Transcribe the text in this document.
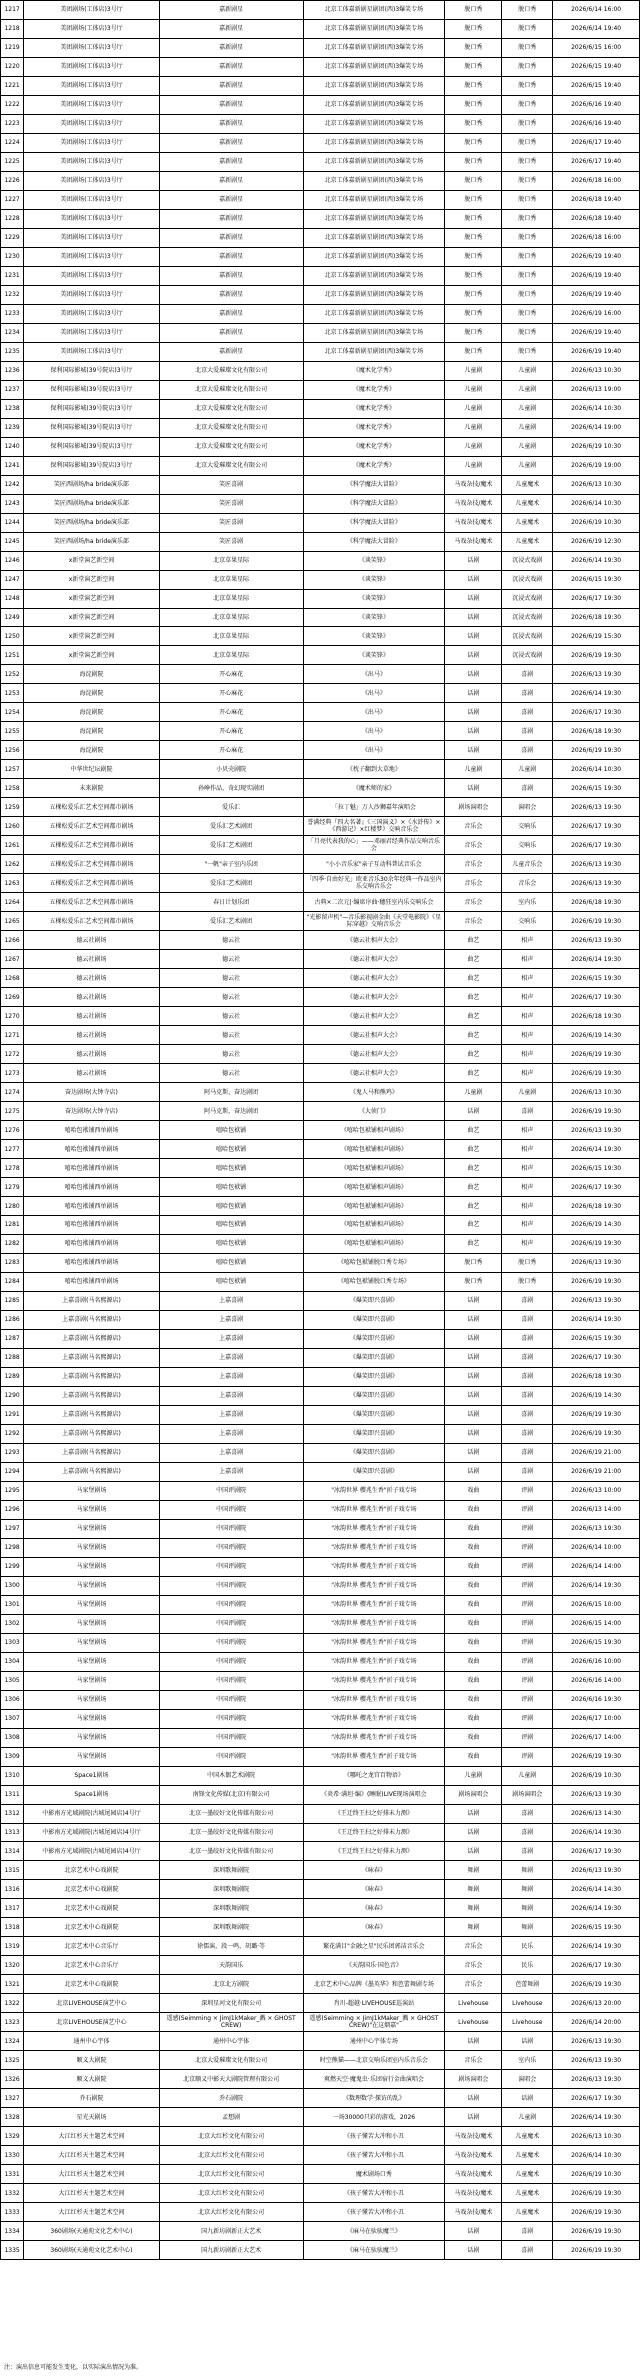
1217	美团剧场(工体店)3号厅	嘉新剧星	北京工体嘉新剧星剧团(西)3爆笑专场	脱口秀	脱口秀	2026/6/14 16:00
1218	美团剧场(工体店)3号厅	嘉新剧星	北京工体嘉新剧星剧团(西)3爆笑专场	脱口秀	脱口秀	2026/6/14 19:40
1219	美团剧场(工体店)3号厅	嘉新剧星	北京工体嘉新剧星剧团(西)3爆笑专场	脱口秀	脱口秀	2026/6/15 16:00
1220	美团剧场(工体店)3号厅	嘉新剧星	北京工体嘉新剧星剧团(西)3爆笑专场	脱口秀	脱口秀	2026/6/15 19:40
1221	美团剧场(工体店)3号厅	嘉新剧星	北京工体嘉新剧星剧团(西)3爆笑专场	脱口秀	脱口秀	2026/6/15 19:40
1222	美团剧场(工体店)3号厅	嘉新剧星	北京工体嘉新剧星剧团(西)3爆笑专场	脱口秀	脱口秀	2026/6/16 19:40
1223	美团剧场(工体店)3号厅	嘉新剧星	北京工体嘉新剧星剧团(西)3爆笑专场	脱口秀	脱口秀	2026/6/16 19:40
1224	美团剧场(工体店)3号厅	嘉新剧星	北京工体嘉新剧星剧团(西)3爆笑专场	脱口秀	脱口秀	2026/6/17 19:40
1225	美团剧场(工体店)3号厅	嘉新剧星	北京工体嘉新剧星剧团(西)3爆笑专场	脱口秀	脱口秀	2026/6/17 19:40
1226	美团剧场(工体店)3号厅	嘉新剧星	北京工体嘉新剧星剧团(西)3爆笑专场	脱口秀	脱口秀	2026/6/18 16:00
1227	美团剧场(工体店)3号厅	嘉新剧星	北京工体嘉新剧星剧团(西)3爆笑专场	脱口秀	脱口秀	2026/6/18 19:40
1228	美团剧场(工体店)3号厅	嘉新剧星	北京工体嘉新剧星剧团(西)3爆笑专场	脱口秀	脱口秀	2026/6/18 19:40
1229	美团剧场(工体店)3号厅	嘉新剧星	北京工体嘉新剧星剧团(西)3爆笑专场	脱口秀	脱口秀	2026/6/18 16:00
1230	美团剧场(工体店)3号厅	嘉新剧星	北京工体嘉新剧星剧团(西)3爆笑专场	脱口秀	脱口秀	2026/6/19 19:40
1231	美团剧场(工体店)3号厅	嘉新剧星	北京工体嘉新剧星剧团(西)3爆笑专场	脱口秀	脱口秀	2026/6/19 19:40
1232	美团剧场(工体店)3号厅	嘉新剧星	北京工体嘉新剧星剧团(西)3爆笑专场	脱口秀	脱口秀	2026/6/19 19:40
1233	美团剧场(工体店)3号厅	嘉新剧星	北京工体嘉新剧星剧团(西)3爆笑专场	脱口秀	脱口秀	2026/6/19 16:00
1234	美团剧场(工体店)3号厅	嘉新剧星	北京工体嘉新剧星剧团(西)3爆笑专场	脱口秀	脱口秀	2026/6/19 19:40
1235	美团剧场(工体店)3号厅	嘉新剧星	北京工体嘉新剧星剧团(西)3爆笑专场	脱口秀	脱口秀	2026/6/19 19:40
1236	保利国际影城(39号院店)3号厅	北京大爱璀璨文化有限公司	《魔术化学秀》	儿童剧	儿童剧	2026/6/13 10:30
1237	保利国际影城(39号院店)3号厅	北京大爱璀璨文化有限公司	《魔术化学秀》	儿童剧	儿童剧	2026/6/13 19:00
1238	保利国际影城(39号院店)3号厅	北京大爱璀璨文化有限公司	《魔术化学秀》	儿童剧	儿童剧	2026/6/14 10:30
1239	保利国际影城(39号院店)3号厅	北京大爱璀璨文化有限公司	《魔术化学秀》	儿童剧	儿童剧	2026/6/14 19:00
1240	保利国际影城(39号院店)3号厅	北京大爱璀璨文化有限公司	《魔术化学秀》	儿童剧	儿童剧	2026/6/19 10:30
1241	保利国际影城(39号院店)3号厅	北京大爱璀璨文化有限公司	《魔术化学秀》	儿童剧	儿童剧	2026/6/19 19:00
1242	笑匠西剧场/ha bride演乐部	笑匠喜剧	《科学魔法大冒险》	马戏杂技/魔术	儿童魔术	2026/6/13 10:30
1243	笑匠西剧场/ha bride演乐部	笑匠喜剧	《科学魔法大冒险》	马戏杂技/魔术	儿童魔术	2026/6/14 10:30
1244	笑匠西剧场/ha bride演乐部	笑匠喜剧	《科学魔法大冒险》	马戏杂技/魔术	儿童魔术	2026/6/19 10:30
1245	笑匠西剧场/ha bride演乐部	笑匠喜剧	《科学魔法大冒险》	马戏杂技/魔术	儿童魔术	2026/6/19 12:30
1246	x新堂演艺新空间	北京草果星际	《谈笑锋》	话剧	沉浸式戏剧	2026/6/14 19:30
1247	x新堂演艺新空间	北京草果星际	《谈笑锋》	话剧	沉浸式戏剧	2026/6/15 19:30
1248	x新堂演艺新空间	北京草果星际	《谈笑锋》	话剧	沉浸式戏剧	2026/6/17 19:30
1249	x新堂演艺新空间	北京草果星际	《谈笑锋》	话剧	沉浸式戏剧	2026/6/18 19:30
1250	x新堂演艺新空间	北京草果星际	《谈笑锋》	话剧	沉浸式戏剧	2026/6/19 15:30
1251	x新堂演艺新空间	北京草果星际	《谈笑锋》	话剧	沉浸式戏剧	2026/6/19 19:30
1252	海淀剧院	开心麻花	《出马》	话剧	喜剧	2026/6/13 19:30
1253	海淀剧院	开心麻花	《出马》	话剧	喜剧	2026/6/14 19:30
1254	海淀剧院	开心麻花	《出马》	话剧	喜剧	2026/6/17 19:30
1255	海淀剧院	开心麻花	《出马》	话剧	喜剧	2026/6/18 19:30
1256	海淀剧院	开心麻花	《出马》	话剧	喜剧	2026/6/19 19:30
1257	中华世纪坛剧院	小贝壳剧院	《枕子翻到大草地》	儿童剧	儿童剧	2026/6/14 10:30
1258	未来剧院	孙峥作品，奇幻现实剧团	《魔术师的家》	话剧	喜剧	2026/6/15 19:30
1259	五棵松爱乐汇艺术空间都市剧场	爱乐汇	「拉丁魅」万人沙狮嘉年演唱会	剧场演唱会	演唱会	2026/6/13 19:30
1260	五棵松爱乐汇艺术空间都市剧场	爱乐汇艺术剧团	誉满经典『四大名著』《三国演义》×《水浒传》×《西游记》×红楼梦》交响音乐会	音乐会	交响乐	2026/6/17 19:30
1261	五棵松爱乐汇艺术空间都市剧场	爱乐汇艺术剧团	「月亮代表我的心」——邓丽君经典作品交响音乐会	音乐会	交响乐	2026/6/17 19:30
1262	五棵松爱乐汇艺术空间都市剧场	"一帆"亲子室内乐团	"小小音乐家"亲子互动科普试音乐会	音乐会	儿童音乐会	2026/6/13 19:30
1263	五棵松爱乐汇艺术空间都市剧场	爱乐汇艺术剧团	「四季·自由好光」欧亚音乐30余年经典一作品室内乐交响音乐会	音乐会	音乐会	2026/6/13 19:30
1264	五棵松爱乐汇艺术空间都市剧场	春日计划乐团	古典×二次元|·编席序曲·穗狂室内乐交响乐会	音乐会	室内乐	2026/6/18 19:30
1265	五棵松爱乐汇艺术空间都市剧场	爱乐汇艺术剧团	"光影留声机"—音乐影视剧金曲《天堂电影院》《星际穿越》交响音乐会	音乐会	交响乐	2026/6/19 19:30
1266	德云社剧场	德云社	《德云社相声大会》	曲艺	相声	2026/6/13 19:30
1267	德云社剧场	德云社	《德云社相声大会》	曲艺	相声	2026/6/14 19:30
1268	德云社剧场	德云社	《德云社相声大会》	曲艺	相声	2026/6/15 19:30
1269	德云社剧场	德云社	《德云社相声大会》	曲艺	相声	2026/6/17 19:30
1270	德云社剧场	德云社	《德云社相声大会》	曲艺	相声	2026/6/18 19:30
1271	德云社剧场	德云社	《德云社相声大会》	曲艺	相声	2026/6/19 14:30
1272	德云社剧场	德云社	《德云社相声大会》	曲艺	相声	2026/6/19 19:30
1273	德云社剧场	德云社	《德云社相声大会》	曲艺	相声	2026/6/19 19:30
1274	奋达剧场(大钟寺店)	阿马克斯，奋达剧团	《鬼人马和熊鸡》	儿童剧	儿童剧	2026/6/13 10:30
1275	奋达剧场(大钟寺店)	阿马克斯，奋达剧团	《大侦门》	话剧	喜剧	2026/6/19 19:30
1276	嘻哈包袱铺西单剧场	嘻哈包袱铺	《嘻哈包袱铺相声剧场》	曲艺	相声	2026/6/13 19:30
1277	嘻哈包袱铺西单剧场	嘻哈包袱铺	《嘻哈包袱铺相声剧场》	曲艺	相声	2026/6/14 19:30
1278	嘻哈包袱铺西单剧场	嘻哈包袱铺	《嘻哈包袱铺相声剧场》	曲艺	相声	2026/6/15 19:30
1279	嘻哈包袱铺西单剧场	嘻哈包袱铺	《嘻哈包袱铺相声剧场》	曲艺	相声	2026/6/17 19:30
1280	嘻哈包袱铺西单剧场	嘻哈包袱铺	《嘻哈包袱铺相声剧场》	曲艺	相声	2026/6/18 19:30
1281	嘻哈包袱铺西单剧场	嘻哈包袱铺	《嘻哈包袱铺相声剧场》	曲艺	相声	2026/6/19 14:30
1282	嘻哈包袱铺西单剧场	嘻哈包袱铺	《嘻哈包袱铺相声剧场》	曲艺	相声	2026/6/19 19:30
1283	嘻哈包袱铺西单剧场	嘻哈包袱铺	《嘻哈包袱铺脱口秀专场》	脱口秀	脱口秀	2026/6/13 19:30
1284	嘻哈包袱铺西单剧场	嘻哈包袱铺	《嘻哈包袱铺脱口秀专场》	脱口秀	脱口秀	2026/6/19 19:30
1285	上嘉喜剧(马名熙源店)	上嘉喜剧	《爆笑即兴喜剧》	话剧	喜剧	2026/6/13 19:30
1286	上嘉喜剧(马名熙源店)	上嘉喜剧	《爆笑即兴喜剧》	话剧	喜剧	2026/6/14 19:30
1287	上嘉喜剧(马名熙源店)	上嘉喜剧	《爆笑即兴喜剧》	话剧	喜剧	2026/6/15 19:30
1288	上嘉喜剧(马名熙源店)	上嘉喜剧	《爆笑即兴喜剧》	话剧	喜剧	2026/6/17 19:30
1289	上嘉喜剧(马名熙源店)	上嘉喜剧	《爆笑即兴喜剧》	话剧	喜剧	2026/6/18 19:30
1290	上嘉喜剧(马名熙源店)	上嘉喜剧	《爆笑即兴喜剧》	话剧	喜剧	2026/6/19 14:30
1291	上嘉喜剧(马名熙源店)	上嘉喜剧	《爆笑即兴喜剧》	话剧	喜剧	2026/6/19 19:30
1292	上嘉喜剧(马名熙源店)	上嘉喜剧	《爆笑即兴喜剧》	话剧	喜剧	2026/6/19 19:30
1293	上嘉喜剧(马名熙源店)	上嘉喜剧	《爆笑即兴喜剧》	话剧	喜剧	2026/6/19 21:00
1294	上嘉喜剧(马名熙源店)	上嘉喜剧	《爆笑即兴喜剧》	话剧	喜剧	2026/6/19 21:00
1295	马家堡剧场	中国评剧院	"冰韵世界 樱兆生香"折子戏专场	戏曲	评剧	2026/6/13 10:00
1296	马家堡剧场	中国评剧院	"冰韵世界 樱兆生香"折子戏专场	戏曲	评剧	2026/6/13 14:00
1297	马家堡剧场	中国评剧院	"冰韵世界 樱兆生香"折子戏专场	戏曲	评剧	2026/6/13 19:30
1298	马家堡剧场	中国评剧院	"冰韵世界 樱兆生香"折子戏专场	戏曲	评剧	2026/6/14 10:00
1299	马家堡剧场	中国评剧院	"冰韵世界 樱兆生香"折子戏专场	戏曲	评剧	2026/6/14 14:00
1300	马家堡剧场	中国评剧院	"冰韵世界 樱兆生香"折子戏专场	戏曲	评剧	2026/6/14 19:30
1301	马家堡剧场	中国评剧院	"冰韵世界 樱兆生香"折子戏专场	戏曲	评剧	2026/6/15 10:00
1302	马家堡剧场	中国评剧院	"冰韵世界 樱兆生香"折子戏专场	戏曲	评剧	2026/6/15 14:00
1303	马家堡剧场	中国评剧院	"冰韵世界 樱兆生香"折子戏专场	戏曲	评剧	2026/6/15 19:30
1304	马家堡剧场	中国评剧院	"冰韵世界 樱兆生香"折子戏专场	戏曲	评剧	2026/6/16 10:00
1305	马家堡剧场	中国评剧院	"冰韵世界 樱兆生香"折子戏专场	戏曲	评剧	2026/6/16 14:00
1306	马家堡剧场	中国评剧院	"冰韵世界 樱兆生香"折子戏专场	戏曲	评剧	2026/6/16 19:30
1307	马家堡剧场	中国评剧院	"冰韵世界 樱兆生香"折子戏专场	戏曲	评剧	2026/6/17 10:00
1308	马家堡剧场	中国评剧院	"冰韵世界 樱兆生香"折子戏专场	戏曲	评剧	2026/6/17 14:00
1309	马家堡剧场	中国评剧院	"冰韵世界 樱兆生香"折子戏专场	戏曲	评剧	2026/6/19 19:30
1310	Space1剧场	中国木偶艺术剧院	《哪吒之龙宫百物语》	儿童剧	儿童剧	2026/6/19 10:30
1311	Space1剧场	南锋文化传媒(北京)有限公司	《炎希·满坦·编》(睡眠)LIVE现场演唱会	剧场演唱会	剧场演唱会	2026/6/13 19:30
1312	中影南方光域剧院(古城尾园店)4号厅	北京一墨皎好文化传媒有限公司	《王迁终王扫之好排未力测》	话剧	喜剧	2026/6/13 14:30
1313	中影南方光域剧院(古城尾园店)4号厅	北京一墨皎好文化传媒有限公司	《王迁终王扫之好排未力测》	话剧	喜剧	2026/6/14 19:30
1314	中影南方光域剧院(古城尾园店)4号厅	北京一墨皎好文化传媒有限公司	《王迁终王扫之好排未力测》	话剧	喜剧	2026/6/17 19:30
1315	北京艺术中心戏剧院	深圳歌舞剧院	《咏春》	舞剧	舞剧	2026/6/13 19:30
1316	北京艺术中心戏剧院	深圳歌舞剧院	《咏春》	舞剧	舞剧	2026/6/14 14:30
1317	北京艺术中心戏剧院	深圳歌舞剧院	《咏春》	舞剧	舞剧	2026/6/14 19:30
1318	北京艺术中心戏剧院	深圳歌舞剧院	《咏春》	舞剧	舞剧	2026/6/15 19:30
1319	北京艺术中心音乐厅	徐儒演，段一鸣，胡璐·等	繁花满目"金融之星"民乐团郭洁音乐会	音乐会	民乐	2026/6/14 19:30
1320	北京艺术中心音乐厅	天韵国乐	《天韵国乐·国色音》	音乐会	民乐	2026/6/17 19:30
1321	北京艺术中心戏剧院	北京北方剧院	北京艺术中心品牌《墨英华》和芭蕾舞剧专场	音乐会	芭蕾舞剧	2026/6/19 19:30
1322	北京LIVEHOUSE演艺中心	深圳星河文化有限公司	肖川-超越·LIVEHOUSE巡演站	Livehouse	Livehouse	2026/6/13 20:00
1323	北京LIVEHOUSE演艺中心	遥感(Seimming × JimJ1kMaker_溅 × GHOST CREW)	遥感(Seimming × JimJ1kMaker_溅 × GHOST CREW)"在这烟嘉"	Livehouse	Livehouse	2026/6/14 20:00
1324	通州中心宇体	通州中心宇体	通州中心宇体专场	话剧	话剧	2026/6/13 19:30
1325	顺义大剧院	北京大爱璀璨文化有限公司	时空熊猫——北京交响乐团室内乐音乐会	音乐会	室内乐	2026/6/13 19:30
1326	顺义大剧院	北京顺义中影天大剧院管理有限公司	爽燃天空·魔鬼虫·乐团宿行金曲演唱会	剧场演唱会	演唱会	2026/6/13 19:30
1327	乔石剧院	乔石剧院	《数理数学·探访的乱》	话剧	话剧	2026/6/17 19:30
1328	星光天剧场	孟想剧	一场30000只彩的游戏，2026	话剧	儿童剧	2026/6/14 19:30
1329	大江红杉天主题艺术空间	北京大红杉文化有限公司	《孩子懂苦大冲和小丑	马戏杂技/魔术	儿童魔术	2026/6/13 10:30
1330	大江红杉天主题艺术空间	北京大红杉文化有限公司	《孩子懂苦大冲和小丑	马戏杂技/魔术	儿童魔术	2026/6/14 10:30
1331	大江红杉天主题艺术空间	北京大红杉文化有限公司	魔术剧场口秀	马戏杂技/魔术	儿童魔术	2026/6/19 10:30
1332	大江红杉天主题艺术空间	北京大红杉文化有限公司	《孩子懂苦大冲和小丑	马戏杂技/魔术	儿童魔术	2026/6/19 19:30
1333	大江红杉天主题艺术空间	北京大红杉文化有限公司	《孩子懂苦大冲和小丑	马戏杂技/魔术	儿童魔术	2026/6/19 19:30
1334	360剧场(天通苑文化艺术中心)	国九新坊剧新正大艺术	《麻马在驮驮魔兰》	话剧	喜剧	2026/6/19 19:30
1335	360剧场(天通苑文化艺术中心)	国九新坊剧新正大艺术	《麻马在驮驮魔兰》	话剧	喜剧	2026/6/19 19:30
注：演出信息可能发生变化，以实际演出情况为准。
